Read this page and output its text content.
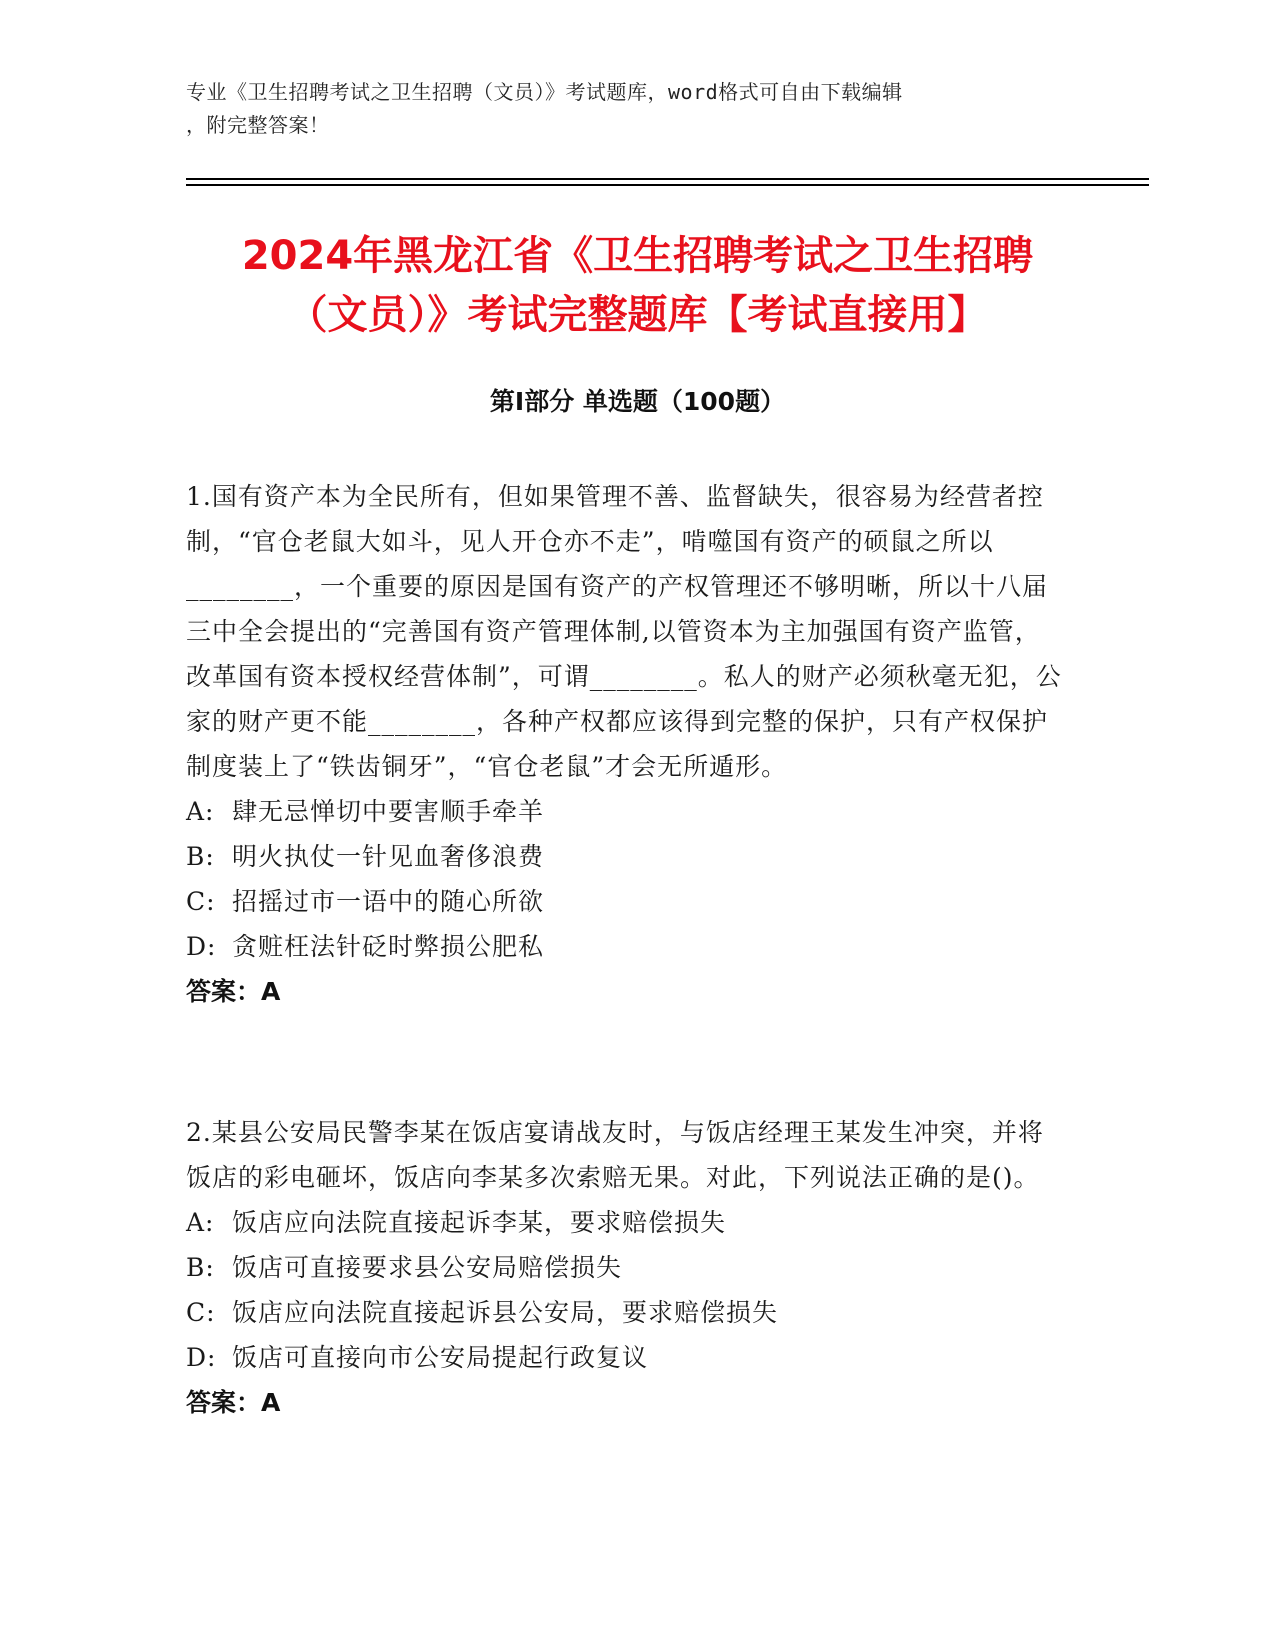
专业《卫生招聘考试之卫生招聘（文员）》考试题库，word格式可自由下载编辑
，附完整答案！
2024年黑龙江省《卫生招聘考试之卫生招聘
（文员）》考试完整题库【考试直接用】
第Ⅰ部分 单选题（100题）

1.国有资产本为全民所有，但如果管理不善、监督缺失，很容易为经营者控制，“官仓老鼠大如斗，见人开仓亦不走”，啃噬国有资产的硕鼠之所以________，一个重要的原因是国有资产的产权管理还不够明晰，所以十八届三中全会提出的“完善国有资产管理体制,以管资本为主加强国有资产监管，改革国有资本授权经营体制”，可谓________。私人的财产必须秋毫无犯，公家的财产更不能________，各种产权都应该得到完整的保护，只有产权保护制度装上了“铁齿铜牙”，“官仓老鼠”才会无所遁形。

A: 肆无忌惮切中要害顺手牵羊

B: 明火执仗一针见血奢侈浪费

C: 招摇过市一语中的随心所欲

D: 贪赃枉法针砭时弊损公肥私

答案：A

2.某县公安局民警李某在饭店宴请战友时，与饭店经理王某发生冲突，并将饭店的彩电砸坏，饭店向李某多次索赔无果。对此，下列说法正确的是()。

A: 饭店应向法院直接起诉李某，要求赔偿损失

B: 饭店可直接要求县公安局赔偿损失

C: 饭店应向法院直接起诉县公安局，要求赔偿损失

D: 饭店可直接向市公安局提起行政复议

答案：A
